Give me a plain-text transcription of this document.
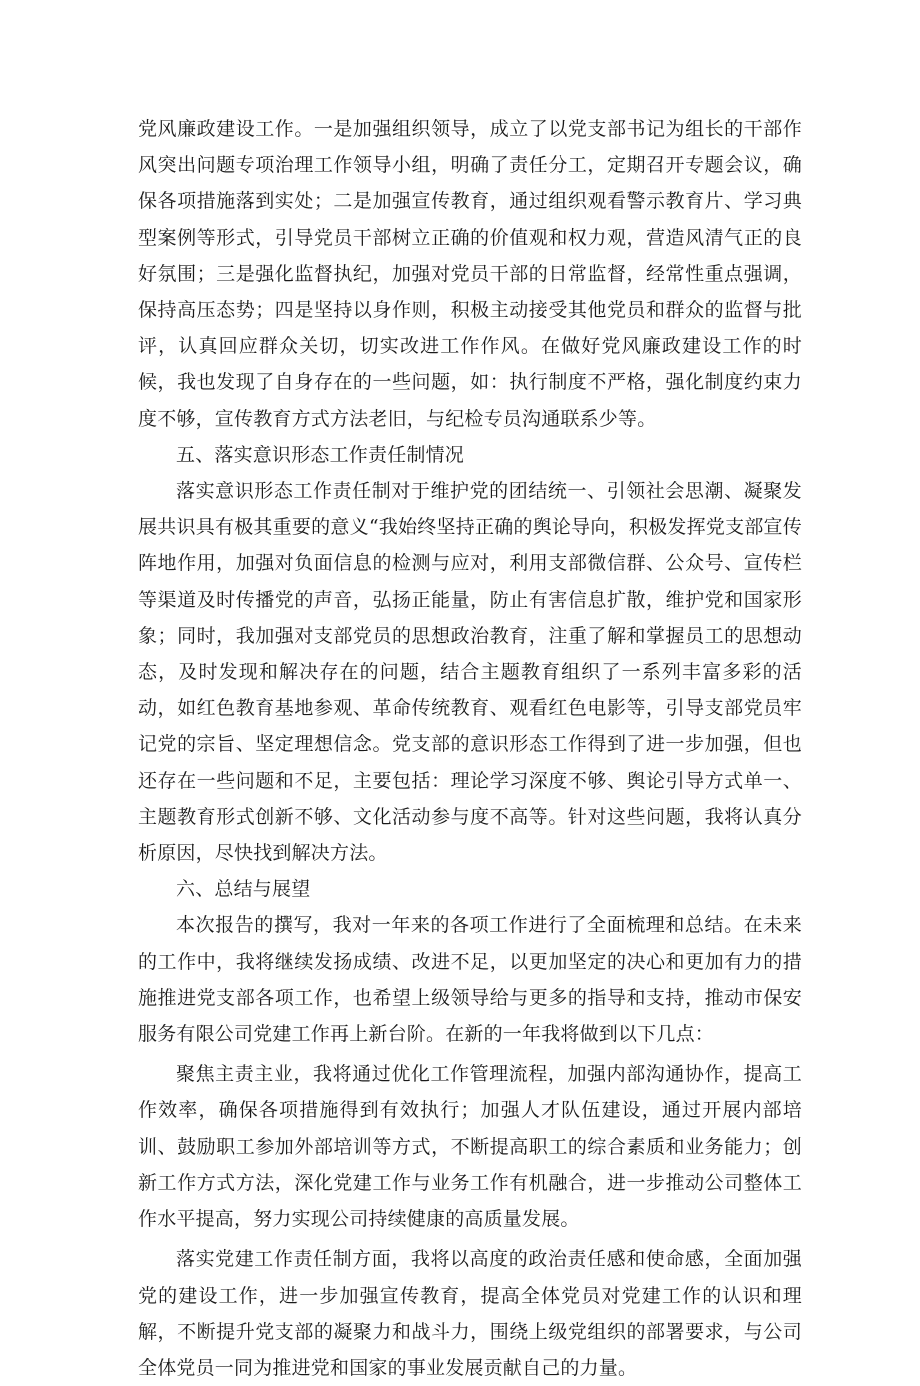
党风廉政建设工作。一是加强组织领导，成立了以党支部书记为组长的干部作风突出问题专项治理工作领导小组，明确了责任分工，定期召开专题会议，确保各项措施落到实处；二是加强宣传教育，通过组织观看警示教育片、学习典型案例等形式，引导党员干部树立正确的价值观和权力观，营造风清气正的良好氛围；三是强化监督执纪，加强对党员干部的日常监督，经常性重点强调，保持高压态势；四是坚持以身作则，积极主动接受其他党员和群众的监督与批评，认真回应群众关切，切实改进工作作风。在做好党风廉政建设工作的时候，我也发现了自身存在的一些问题，如：执行制度不严格，强化制度约束力度不够，宣传教育方式方法老旧，与纪检专员沟通联系少等。

五、落实意识形态工作责任制情况

落实意识形态工作责任制对于维护党的团结统一、引领社会思潮、凝聚发展共识具有极其重要的意义“我始终坚持正确的舆论导向，积极发挥党支部宣传阵地作用，加强对负面信息的检测与应对，利用支部微信群、公众号、宣传栏等渠道及时传播党的声音，弘扬正能量，防止有害信息扩散，维护党和国家形象；同时，我加强对支部党员的思想政治教育，注重了解和掌握员工的思想动态，及时发现和解决存在的问题，结合主题教育组织了一系列丰富多彩的活动，如红色教育基地参观、革命传统教育、观看红色电影等，引导支部党员牢记党的宗旨、坚定理想信念。党支部的意识形态工作得到了进一步加强，但也还存在一些问题和不足，主要包括：理论学习深度不够、舆论引导方式单一、主题教育形式创新不够、文化活动参与度不高等。针对这些问题，我将认真分析原因，尽快找到解决方法。

六、总结与展望

本次报告的撰写，我对一年来的各项工作进行了全面梳理和总结。在未来的工作中，我将继续发扬成绩、改进不足，以更加坚定的决心和更加有力的措施推进党支部各项工作，也希望上级领导给与更多的指导和支持，推动市保安服务有限公司党建工作再上新台阶。在新的一年我将做到以下几点：

聚焦主责主业，我将通过优化工作管理流程，加强内部沟通协作，提高工作效率，确保各项措施得到有效执行；加强人才队伍建设，通过开展内部培训、鼓励职工参加外部培训等方式，不断提高职工的综合素质和业务能力；创新工作方式方法，深化党建工作与业务工作有机融合，进一步推动公司整体工作水平提高，努力实现公司持续健康的高质量发展。

落实党建工作责任制方面，我将以高度的政治责任感和使命感，全面加强党的建设工作，进一步加强宣传教育，提高全体党员对党建工作的认识和理解，不断提升党支部的凝聚力和战斗力，围绕上级党组织的部署要求，与公司全体党员一同为推进党和国家的事业发展贡献自己的力量。
